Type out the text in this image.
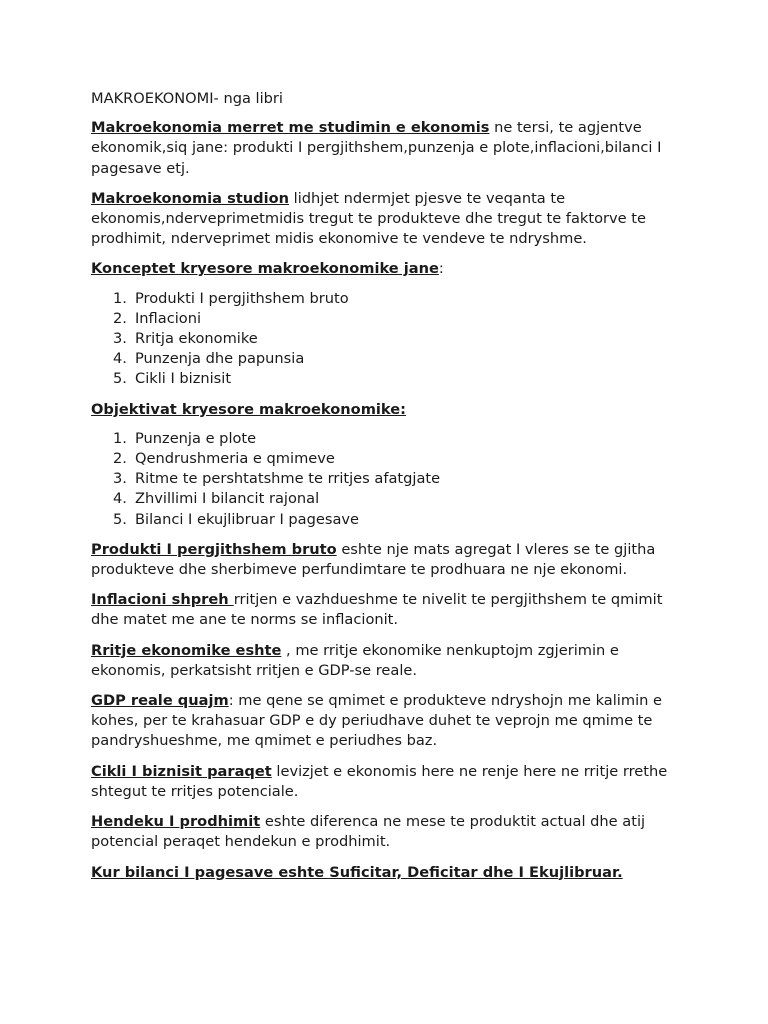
MAKROEKONOMI- nga libri

Makroekonomia merret me studimin e ekonomis ne tersi, te agjentve ekonomik,siq jane: produkti I pergjithshem,punzenja e plote,inflacioni,bilanci I pagesave etj.

Makroekonomia studion lidhjet ndermjet pjesve te veqanta te ekonomis,nderveprimetmidis tregut te produkteve dhe tregut te faktorve te prodhimit, nderveprimet midis ekonomive te vendeve te ndryshme.

Konceptet kryesore makroekonomike jane:

1. Produkti I pergjithshem bruto
2. Inflacioni
3. Rritja ekonomike
4. Punzenja dhe papunsia
5. Cikli I biznisit

Objektivat kryesore makroekonomike:

1. Punzenja e plote
2. Qendrushmeria e qmimeve
3. Ritme te pershtatshme te rritjes afatgjate
4. Zhvillimi I bilancit rajonal
5. Bilanci I ekujlibruar I pagesave

Produkti I pergjithshem bruto eshte nje mats agregat I vleres se te gjitha produkteve dhe sherbimeve perfundimtare te prodhuara ne nje ekonomi.

Inflacioni shpreh rritjen e vazhdueshme te nivelit te pergjithshem te qmimit dhe matet me ane te norms se inflacionit.

Rritje ekonomike eshte , me rritje ekonomike nenkuptojm zgjerimin e ekonomis, perkatsisht rritjen e GDP-se reale.

GDP reale quajm: me qene se qmimet e produkteve ndryshojn me kalimin e kohes, per te krahasuar GDP e dy periudhave duhet te veprojn me qmime te pandryshueshme, me qmimet e periudhes baz.

Cikli I biznisit paraqet levizjet e ekonomis here ne renje here ne rritje rrethe shtegut te rritjes potenciale.

Hendeku I prodhimit eshte diferenca ne mese te produktit actual dhe atij potencial peraqet hendekun e prodhimit.

Kur bilanci I pagesave eshte Suficitar, Deficitar dhe I Ekujlibruar.
